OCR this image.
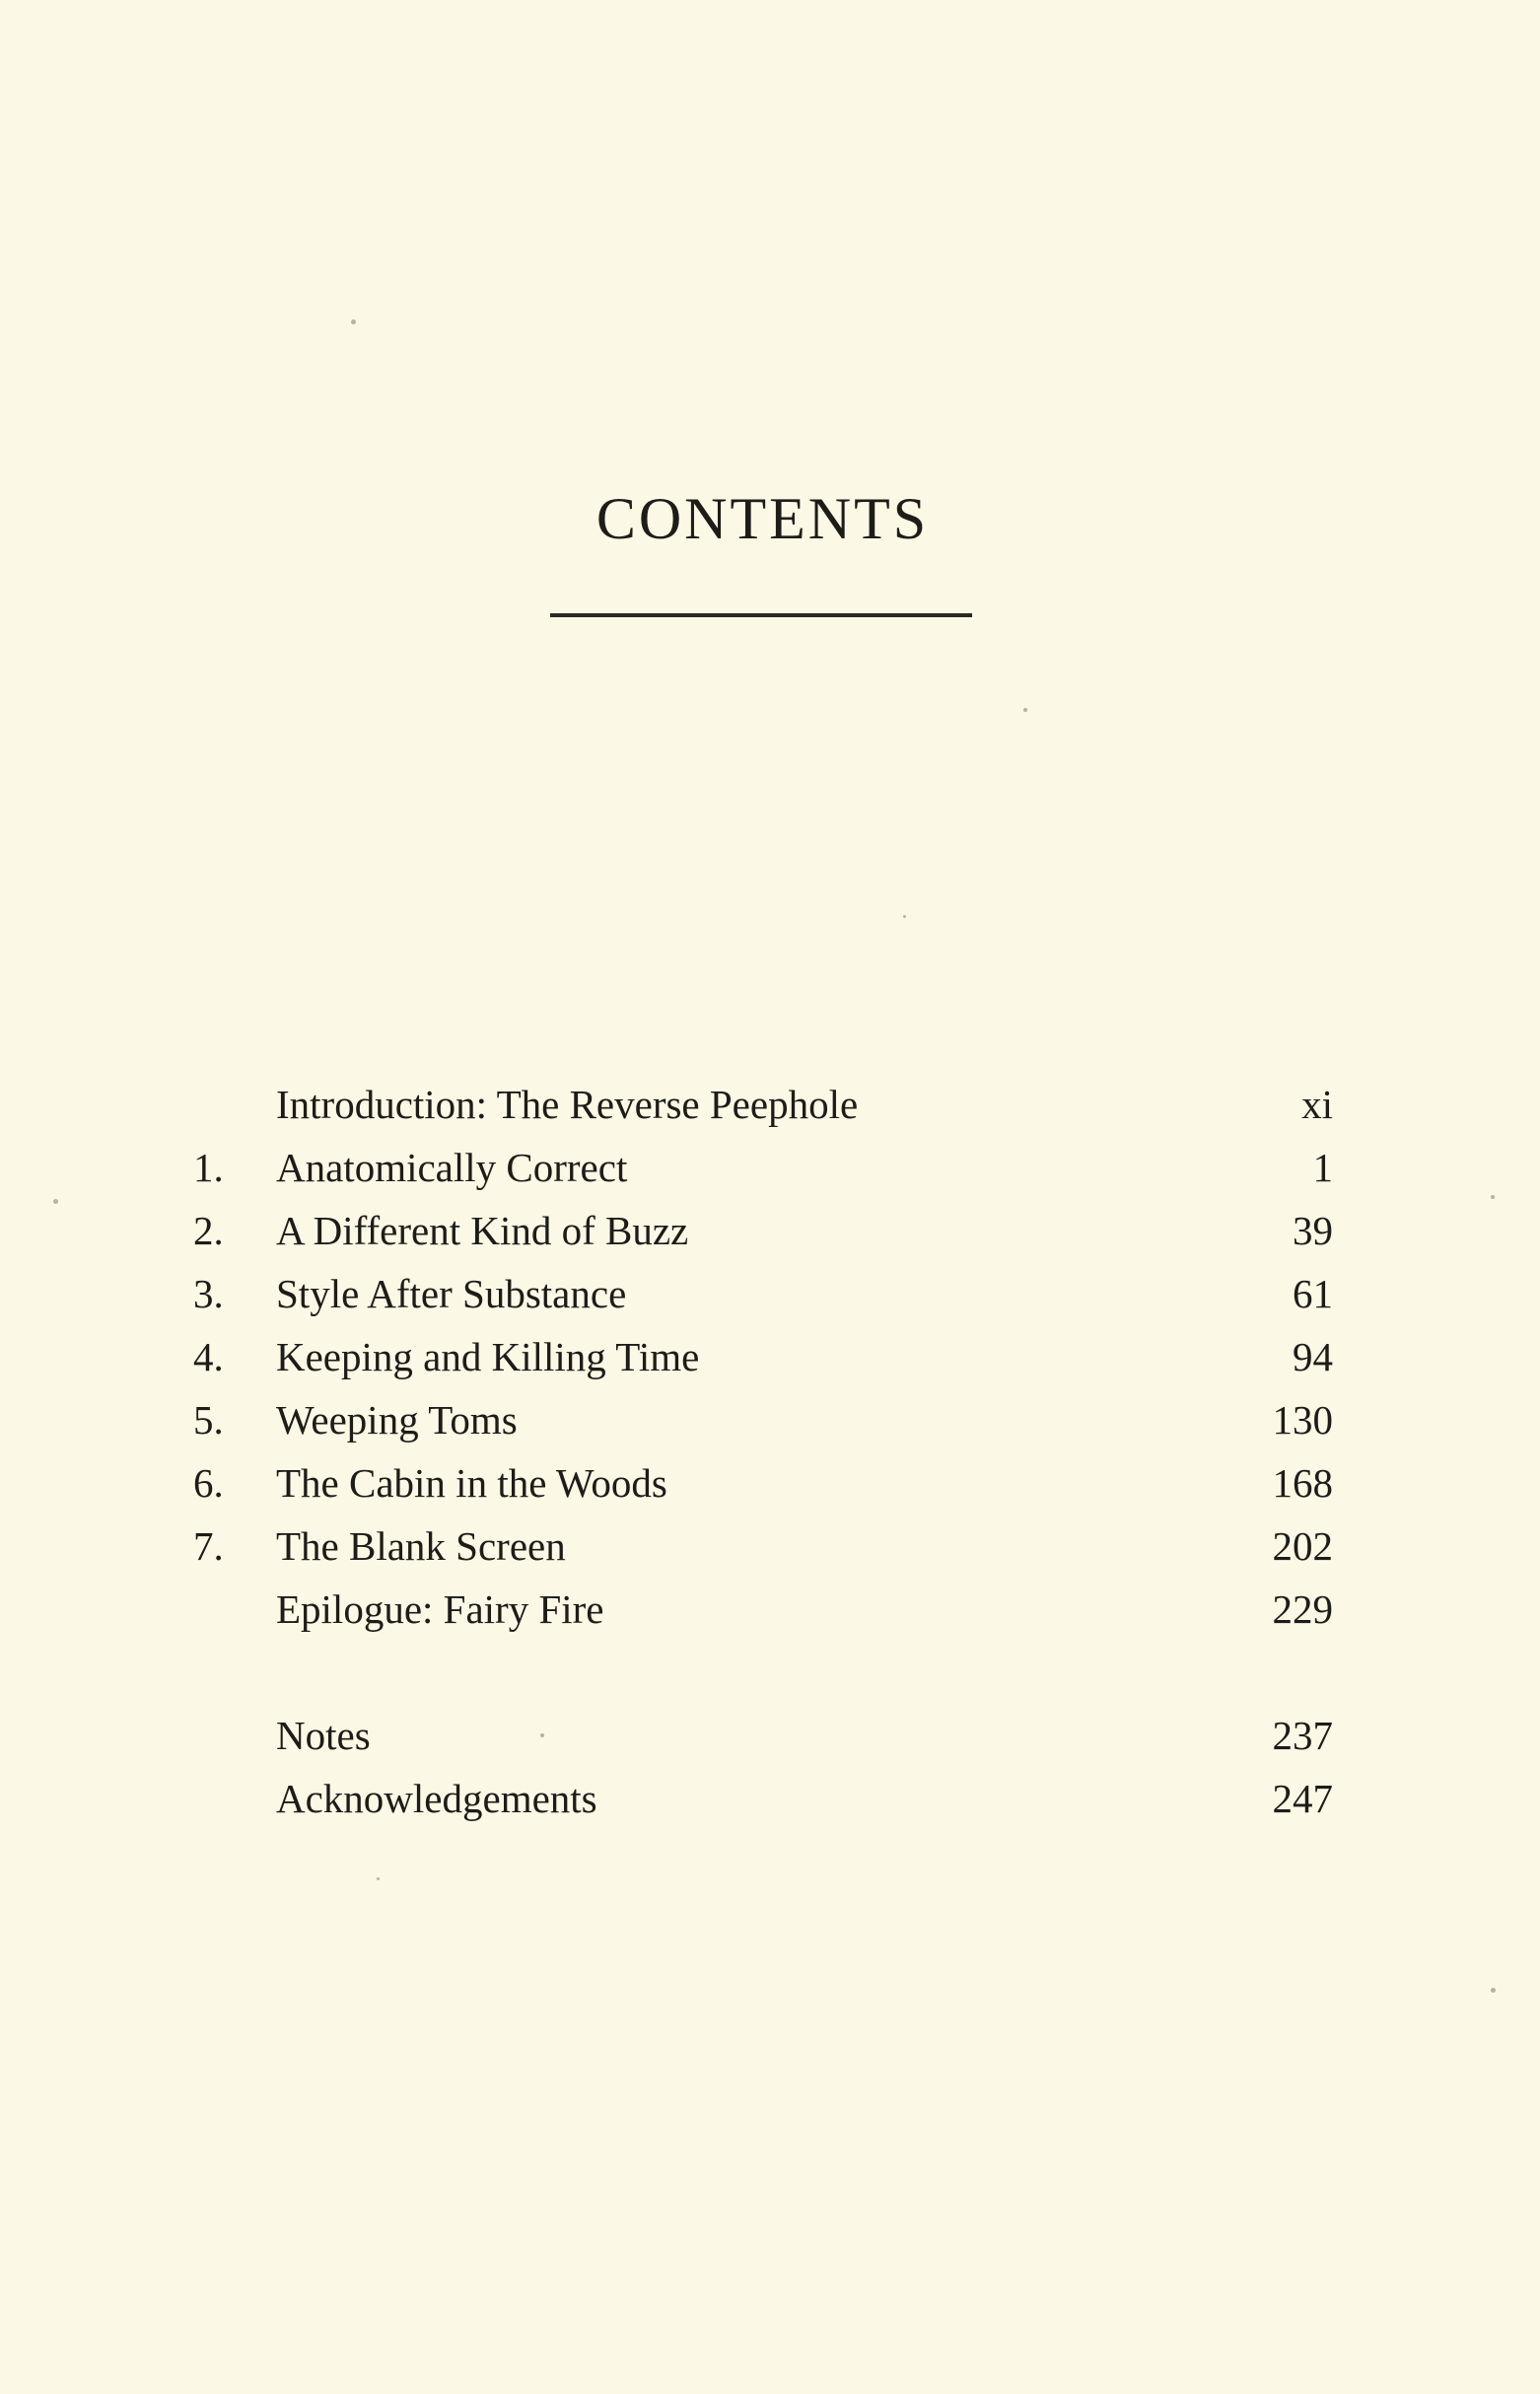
CONTENTS
Introduction: The Reverse Peephole	xi
1. Anatomically Correct	1
2. A Different Kind of Buzz	39
3. Style After Substance	61
4. Keeping and Killing Time	94
5. Weeping Toms	130
6. The Cabin in the Woods	168
7. The Blank Screen	202
Epilogue: Fairy Fire	229
Notes	237
Acknowledgements	247
